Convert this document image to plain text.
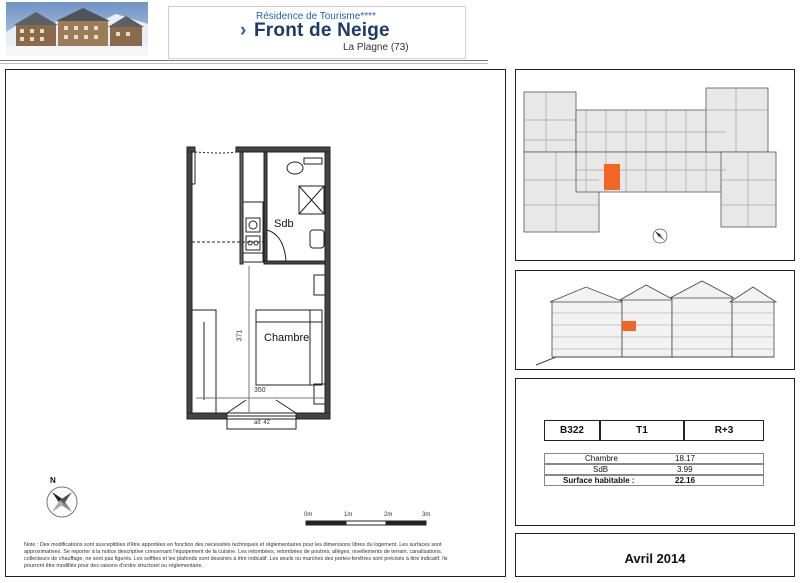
Résidence de Tourisme****
› Front de Neige
La Plagne (73)
Sdb
Chambre
371
350
all: 42
N
0m	1m	2m	3m
Note : Des modifications sont susceptibles d'être apportées en fonction des nécessités techniques et réglementaires pour les dimensions libres du logement. Les surfaces sont approximatives. Se reporter à la notice descriptive concernant l'équipement de la cuisine. Les retombées, retombées de poutres, allèges, nivellements de terrain, canalisations, collecteurs de chauffage, ne sont pas figurés. Les soffites et les plafonds sont dessinés à titre indicatif. Les seuils ou marches des portes-fenêtres sont précisés à titre indicatif. Ils pourront être modifiés pour des raisons d'ordre structurel ou réglementaire.
B322	T1	R+3
Chambre	18.17
SdB	3.99
Surface habitable :	22.16
Avril 2014
